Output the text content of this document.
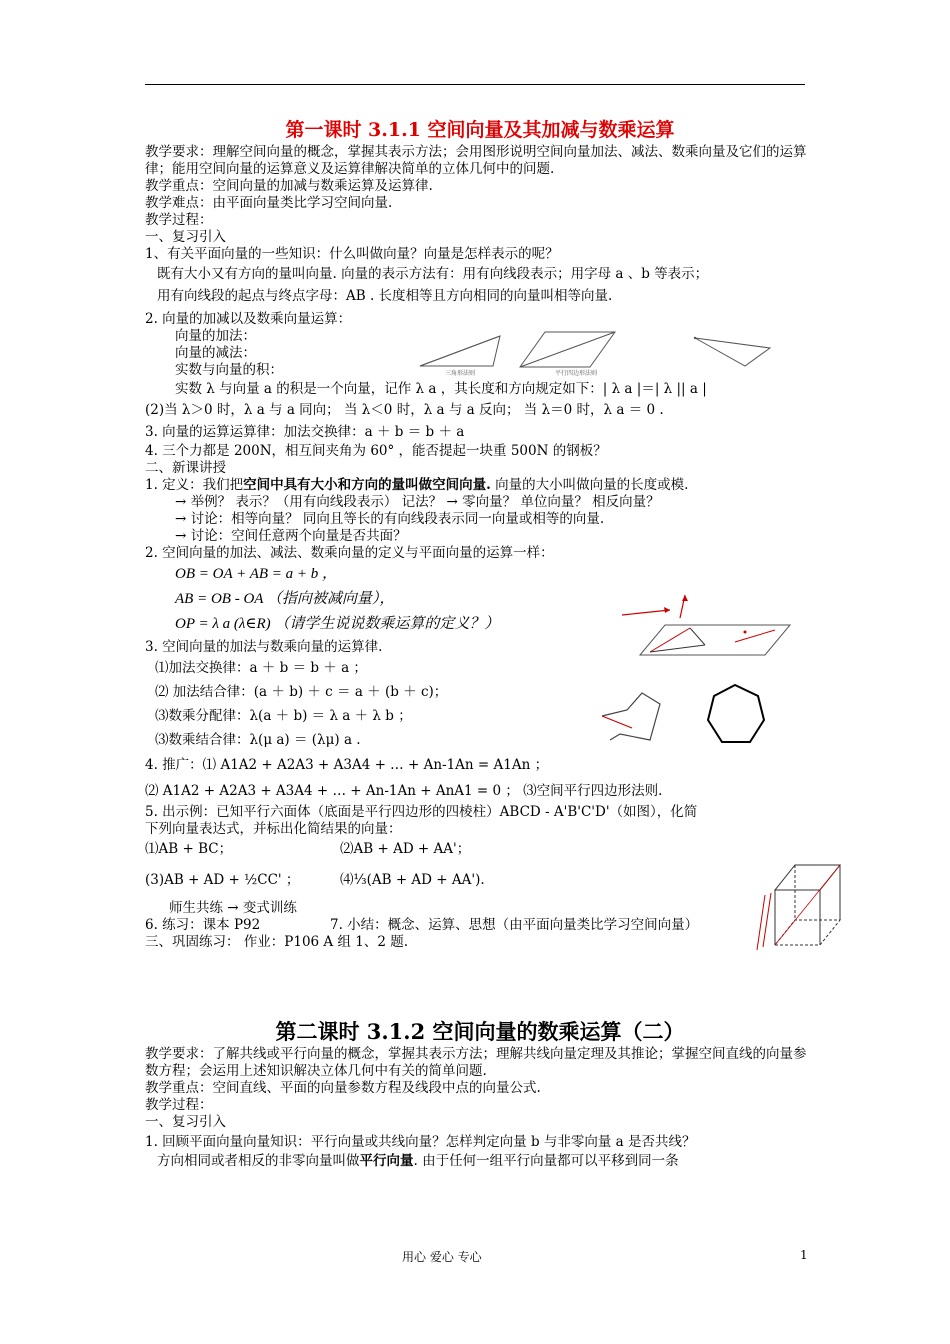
第一课时 3.1.1 空间向量及其加减与数乘运算

教学要求：理解空间向量的概念，掌握其表示方法；会用图形说明空间向量加法、减法、数乘向量及它们的运算律；能用空间向量的运算意义及运算律解决简单的立体几何中的问题.

教学重点：空间向量的加减与数乘运算及运算律.

教学难点：由平面向量类比学习空间向量.

教学过程：

一、复习引入

1、有关平面向量的一些知识：什么叫做向量？向量是怎样表示的呢？

既有大小又有方向的量叫向量. 向量的表示方法有：用有向线段表示；用字母 a 、b 等表示；

用有向线段的起点与终点字母：AB . 长度相等且方向相同的向量叫相等向量.

2. 向量的加减以及数乘向量运算：

向量的加法：

向量的减法：

实数与向量的积：

实数 λ 与向量 a 的积是一个向量，记作 λ a ，其长度和方向规定如下：| λ a |＝| λ || a |

(2)当 λ＞0 时，λ a 与 a 同向； 当 λ＜0 时，λ a 与 a 反向； 当 λ＝0 时，λ a ＝ 0 .

3. 向量的运算运算律：加法交换律：a ＋ b ＝ b ＋ a

4. 三个力都是 200N，相互间夹角为 60° ，能否提起一块重 500N 的钢板？

二、新课讲授

1. 定义：我们把空间中具有大小和方向的量叫做空间向量. 向量的大小叫做向量的长度或模.

→ 举例？ 表示？（用有向线段表示） 记法？ → 零向量？ 单位向量？ 相反向量？

→ 讨论：相等向量？ 同向且等长的有向线段表示同一向量或相等的向量.

→ 讨论：空间任意两个向量是否共面？

2. 空间向量的加法、减法、数乘向量的定义与平面向量的运算一样：

OB = OA + AB = a + b ，

AB = OB - OA （指向被减向量），

OP = λ a (λ∈R) （请学生说说数乘运算的定义？）

3. 空间向量的加法与数乘向量的运算律.

⑴加法交换律：a ＋ b ＝ b ＋ a ；

⑵ 加法结合律：(a ＋ b) ＋ c ＝ a ＋ (b ＋ c)；

⑶数乘分配律：λ(a ＋ b) ＝ λ a ＋ λ b ；

⑶数乘结合律：λ(μ a) ＝ (λμ) a .

4. 推广：⑴ A1A2 + A2A3 + A3A4 + … + An-1An = A1An ；

⑵ A1A2 + A2A3 + A3A4 + … + An-1An + AnA1 = 0 ； ⑶空间平行四边形法则.

5. 出示例：已知平行六面体（底面是平行四边形的四棱柱）ABCD - A'B'C'D'（如图），化简

下列向量表达式，并标出化简结果的向量：

⑴AB + BC；	⑵AB + AD + AA'；
(3)AB + AD + ½CC' ；	⑷⅓(AB + AD + AA').

师生共练 → 变式训练

6. 练习：课本 P92	7. 小结：概念、运算、思想（由平面向量类比学习空间向量）

三、巩固练习： 作业：P106 A 组 1、2 题.

第二课时 3.1.2 空间向量的数乘运算（二）

教学要求：了解共线或平行向量的概念，掌握其表示方法；理解共线向量定理及其推论；掌握空间直线的向量参数方程；会运用上述知识解决立体几何中有关的简单问题.

教学重点：空间直线、平面的向量参数方程及线段中点的向量公式.

教学过程：

一、复习引入

1. 回顾平面向量向量知识：平行向量或共线向量？怎样判定向量 b 与非零向量 a 是否共线？

方向相同或者相反的非零向量叫做平行向量. 由于任何一组平行向量都可以平移到同一条

三角形法则	平行四边形法则
用心 爱心 专心	1
